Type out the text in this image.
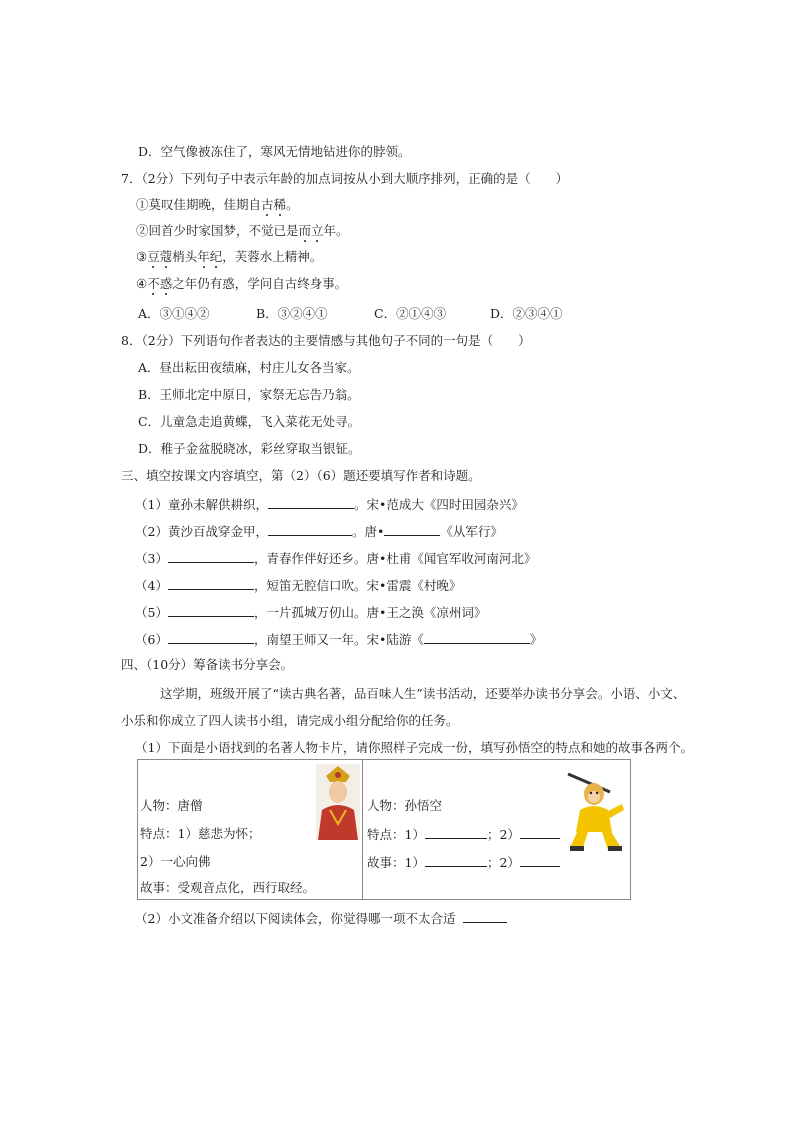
D．空气像被冻住了，寒风无情地钻进你的脖领。
7．（2分）下列句子中表示年龄的加点词按从小到大顺序排列，正确的是（　　）
①莫叹佳期晚，佳期自古稀
。
②回首少时家国梦，不觉已是而立
年。
③豆蔻
梢头年纪
，芙蓉水上精神。
④不惑
之年仍有惑，学问自古终身事。
A．③①④②	B．③②④①	C．②①④③	D．②③④①
8．（2分）下列语句作者表达的主要情感与其他句子不同的一句是（　　）
A．昼出耘田夜绩麻，村庄儿女各当家。
B．王师北定中原日，家祭无忘告乃翁。
C．儿童急走追黄蝶，飞入菜花无处寻。
D．稚子金盆脱晓冰，彩丝穿取当银钲。
三、填空按课文内容填空，第（2）（6）题还要填写作者和诗题。
（1）童孙未解供耕织，	。宋•范成大《四时田园杂兴》
（2）黄沙百战穿金甲，	。唐•	《从军行》
（3）	，青春作伴好还乡。唐•杜甫《闻官军收河南河北》
（4）	，短笛无腔信口吹。宋•雷震《村晚》
（5）	，一片孤城万仞山。唐•王之涣《凉州词》
（6）	，南望王师又一年。宋•陆游《	》
四、（10分）筹备读书分享会。
这学期，班级开展了“读古典名著，品百味人生”读书活动，还要举办读书分享会。小语、小文、
小乐和你成立了四人读书小组，请完成小组分配给你的任务。
（1）下面是小语找到的名著人物卡片，请你照样子完成一份，填写孙悟空的特点和她的故事各两个。
人物：唐僧
特点：1）慈悲为怀；
2）一心向佛
故事：受观音点化，西行取经。
人物：孙悟空
特点：1）	；2）
故事：1）	；2）
（2）小文准备介绍以下阅读体会，你觉得哪一项不太合适
